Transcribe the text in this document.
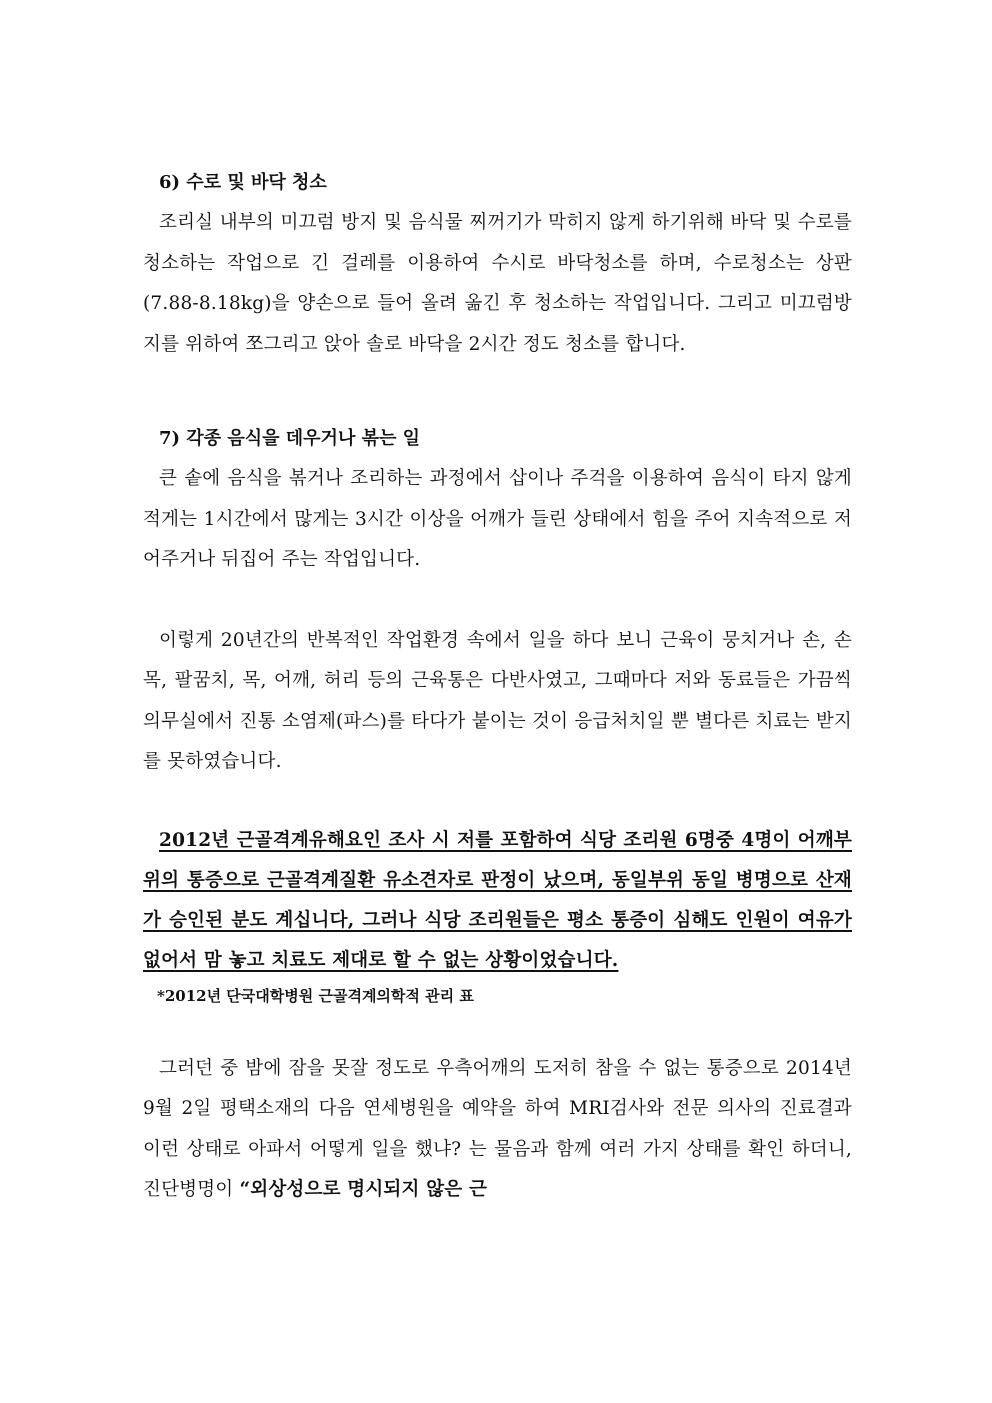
6) 수로 및 바닥 청소

조리실 내부의 미끄럼 방지 및 음식물 찌꺼기가 막히지 않게 하기위해 바닥 및 수로를 청소하는 작업으로 긴 걸레를 이용하여 수시로 바닥청소를 하며, 수로청소는 상판(7.88-8.18kg)을 양손으로 들어 올려 옮긴 후 청소하는 작업입니다. 그리고 미끄럼방지를 위하여 쪼그리고 앉아 솔로 바닥을 2시간 정도 청소를 합니다.

7) 각종 음식을 데우거나 볶는 일

큰 솥에 음식을 볶거나 조리하는 과정에서 삽이나 주걱을 이용하여 음식이 타지 않게 적게는 1시간에서 많게는 3시간 이상을 어깨가 들린 상태에서 힘을 주어 지속적으로 저어주거나 뒤집어 주는 작업입니다.

이렇게 20년간의 반복적인 작업환경 속에서 일을 하다 보니 근육이 뭉치거나 손, 손목, 팔꿈치, 목, 어깨, 허리 등의 근육통은 다반사였고, 그때마다 저와 동료들은 가끔씩 의무실에서 진통 소염제(파스)를 타다가 붙이는 것이 응급처치일 뿐 별다른 치료는 받지를 못하였습니다.

2012년 근골격계유해요인 조사 시 저를 포함하여 식당 조리원 6명중 4명이 어깨부위의 통증으로 근골격계질환 유소견자로 판정이 났으며, 동일부위 동일 병명으로 산재가 승인된 분도 계십니다, 그러나 식당 조리원들은 평소 통증이 심해도 인원이 여유가 없어서 맘 놓고 치료도 제대로 할 수 없는 상황이었습니다.

*2012년 단국대학병원 근골격계의학적 관리 표

그러던 중 밤에 잠을 못잘 정도로 우측어깨의 도저히 참을 수 없는 통증으로 2014년 9월 2일 평택소재의 다음 연세병원을 예약을 하여 MRI검사와 전문 의사의 진료결과 이런 상태로 아파서 어떻게 일을 했냐? 는 물음과 함께 여러 가지 상태를 확인 하더니, 진단병명이 “외상성으로 명시되지 않은 근
